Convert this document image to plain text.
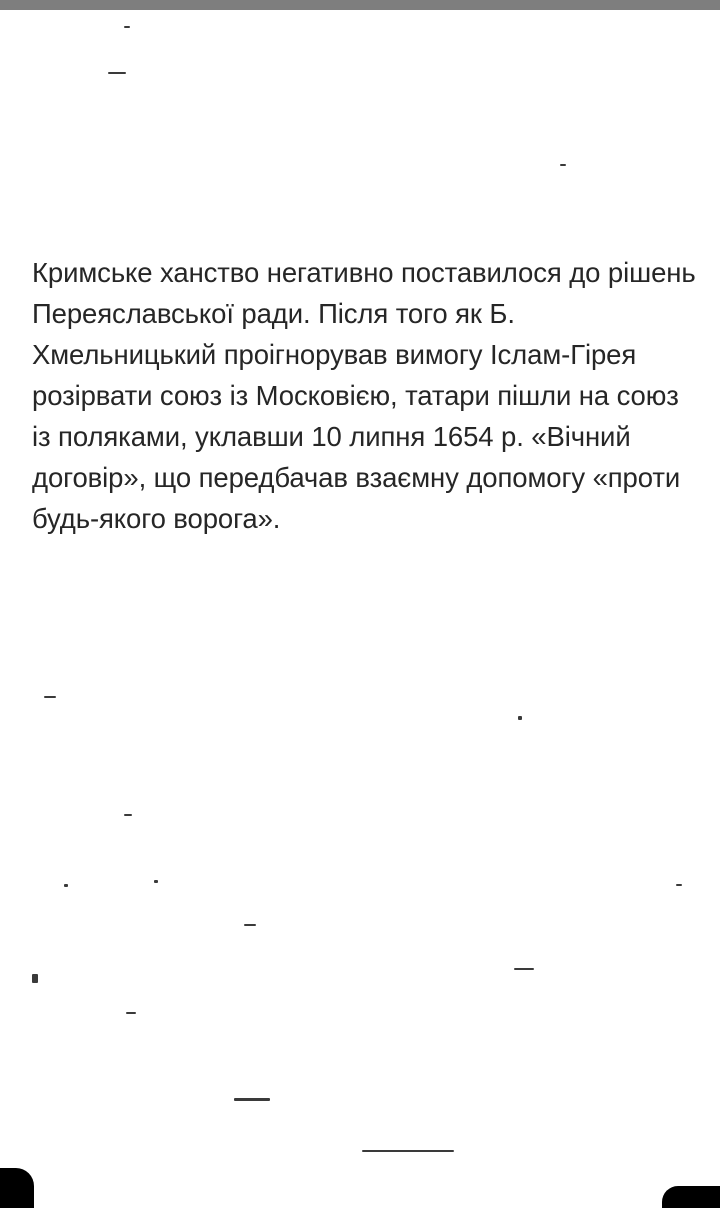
Кримське ханство негативно поставилося до рішень Переяславської ради. Після того як Б. Хмельницький проігнорував вимогу Іслам-Гірея розірвати союз із Московією, татари пішли на союз із поляками, уклавши 10 липня 1654 р. «Вічний договір», що передбачав взаємну допомогу «проти будь-якого ворога».
